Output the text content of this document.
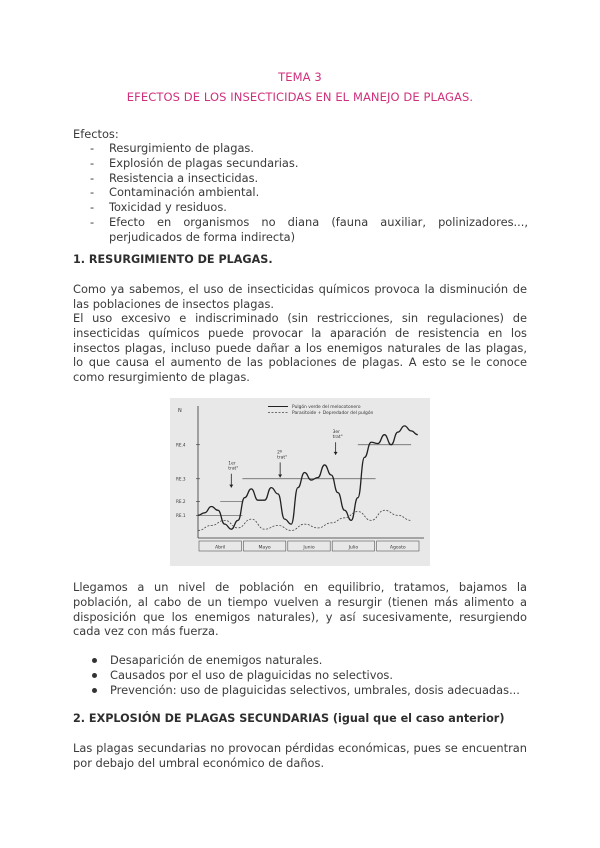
TEMA 3
EFECTOS DE LOS INSECTICIDAS EN EL MANEJO DE PLAGAS.
Efectos:
- Resurgimiento de plagas.
- Explosión de plagas secundarias.
- Resistencia a insecticidas.
- Contaminación ambiental.
- Toxicidad y residuos.
- Efecto en organismos no diana (fauna auxiliar, polinizadores..., perjudicados de forma indirecta)
1. RESURGIMIENTO DE PLAGAS.
Como ya sabemos, el uso de insecticidas químicos provoca la disminución de las poblaciones de insectos plagas.
El uso excesivo e indiscriminado (sin restricciones, sin regulaciones) de insecticidas químicos puede provocar la aparación de resistencia en los insectos plagas, incluso puede dañar a los enemigos naturales de las plagas, lo que causa el aumento de las poblaciones de plagas. A esto se le conoce como resurgimiento de plagas.
N
Abril	Mayo	Junio	Julio	Agosto
RE.1
RE.2
RE.3
RE.4
1er
trat°
2º
trat°
3er
trat°
Pulgón verde del melocotonero
Parasitoide + Depredador del pulgón
Llegamos a un nivel de población en equilibrio, tratamos, bajamos la población, al cabo de un tiempo vuelven a resurgir (tienen más alimento a disposición que los enemigos naturales), y así sucesivamente, resurgiendo cada vez con más fuerza.
Desaparición de enemigos naturales.
Causados por el uso de plaguicidas no selectivos.
Prevención: uso de plaguicidas selectivos, umbrales, dosis adecuadas...
2. EXPLOSIÓN DE PLAGAS SECUNDARIAS (igual que el caso anterior)
Las plagas secundarias no provocan pérdidas económicas, pues se encuentran por debajo del umbral económico de daños.
